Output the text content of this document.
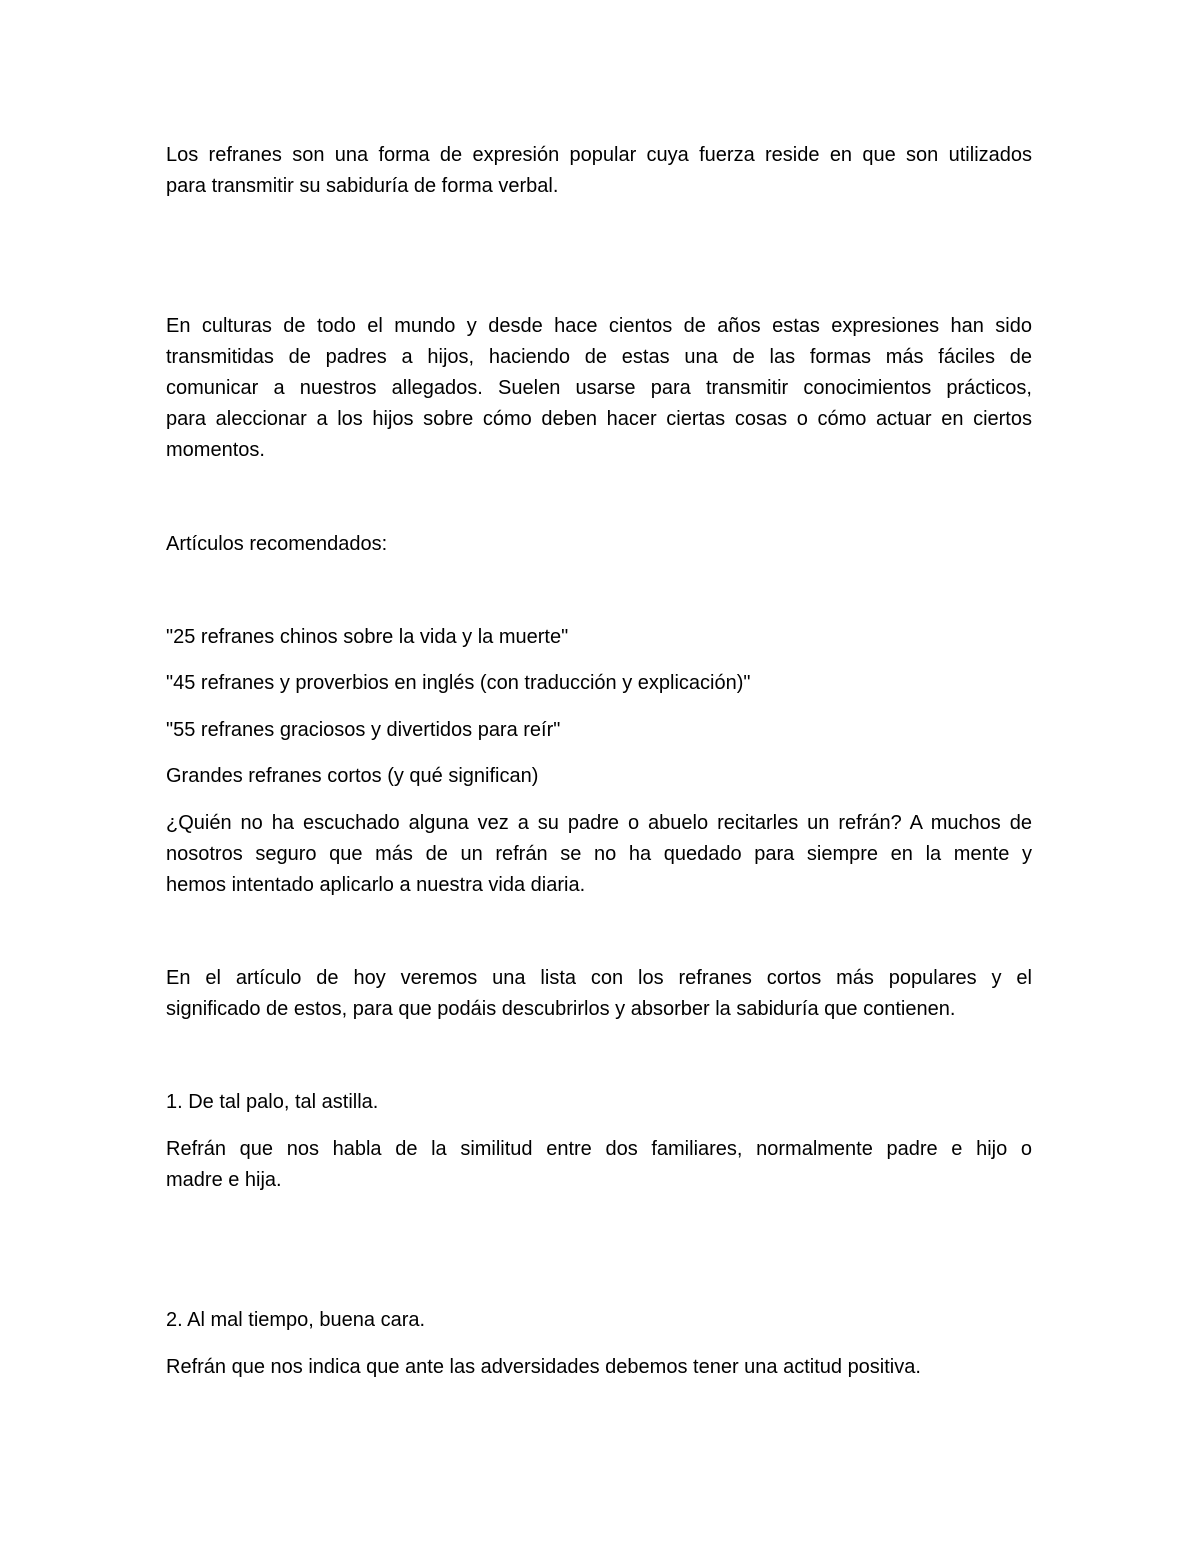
Los refranes son una forma de expresión popular cuya fuerza reside en que son utilizados
para transmitir su sabiduría de forma verbal.
En culturas de todo el mundo y desde hace cientos de años estas expresiones han sido
transmitidas de padres a hijos, haciendo de estas una de las formas más fáciles de
comunicar a nuestros allegados. Suelen usarse para transmitir conocimientos prácticos,
para aleccionar a los hijos sobre cómo deben hacer ciertas cosas o cómo actuar en ciertos
momentos.
Artículos recomendados:
"25 refranes chinos sobre la vida y la muerte"
"45 refranes y proverbios en inglés (con traducción y explicación)"
"55 refranes graciosos y divertidos para reír"
Grandes refranes cortos (y qué significan)
¿Quién no ha escuchado alguna vez a su padre o abuelo recitarles un refrán? A muchos de
nosotros seguro que más de un refrán se no ha quedado para siempre en la mente y
hemos intentado aplicarlo a nuestra vida diaria.
En el artículo de hoy veremos una lista con los refranes cortos más populares y el
significado de estos, para que podáis descubrirlos y absorber la sabiduría que contienen.
1. De tal palo, tal astilla.
Refrán que nos habla de la similitud entre dos familiares, normalmente padre e hijo o
madre e hija.
2. Al mal tiempo, buena cara.
Refrán que nos indica que ante las adversidades debemos tener una actitud positiva.
